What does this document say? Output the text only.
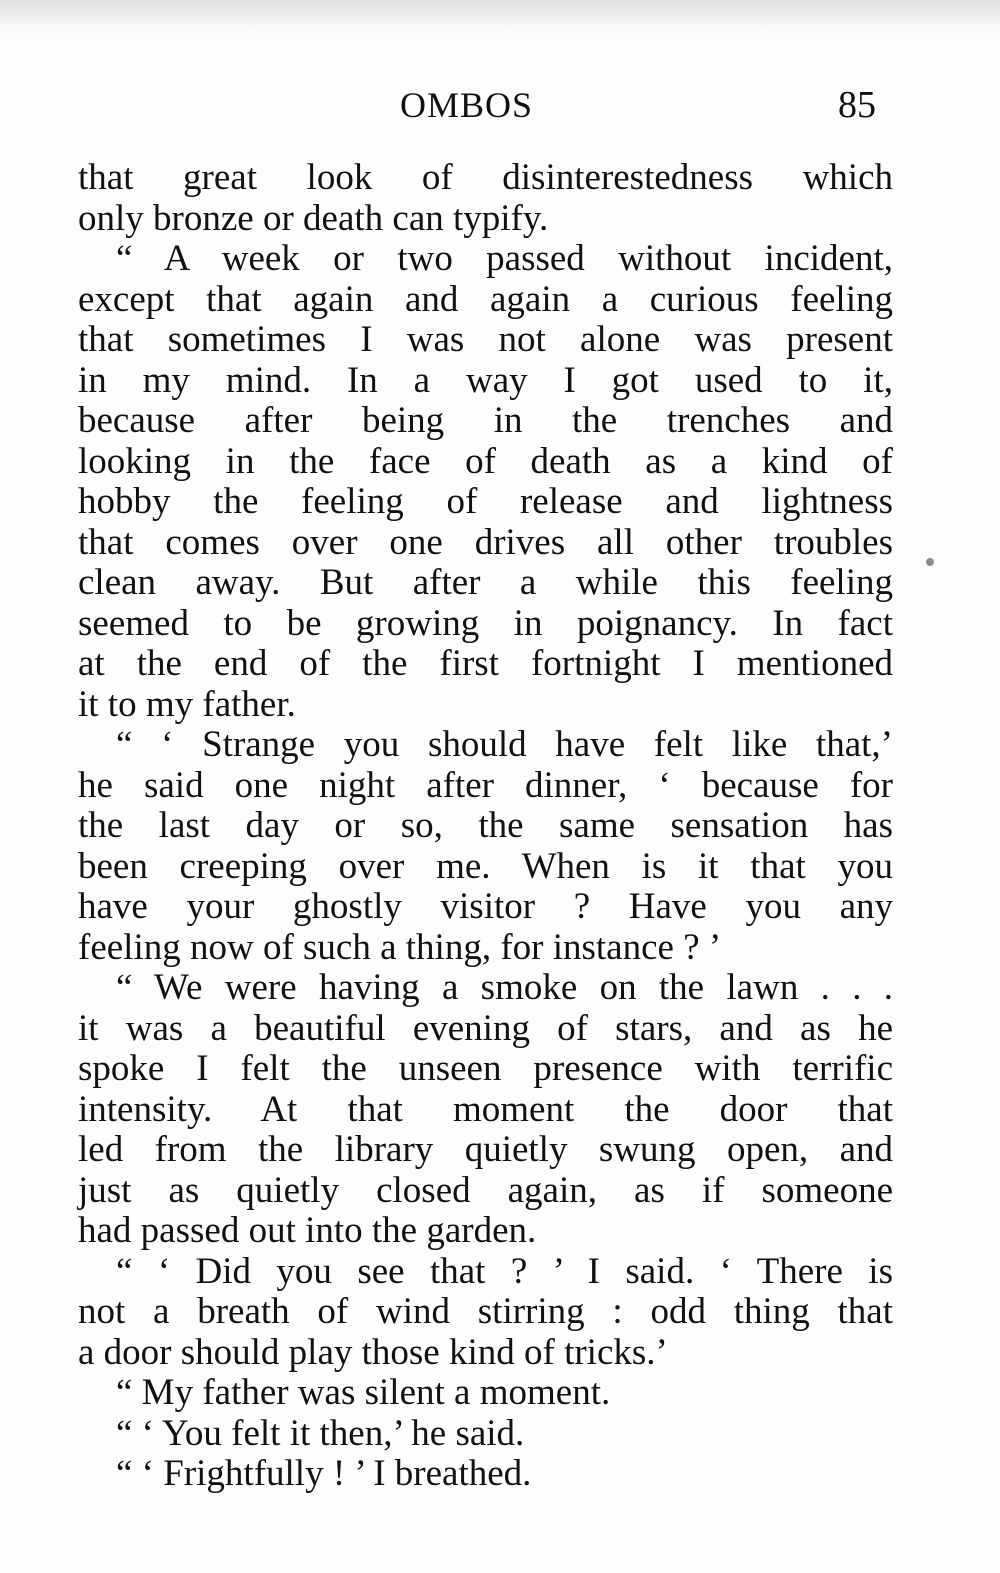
OMBOS	85
that great look of disinterestedness which
only bronze or death can typify.
“ A week or two passed without incident,
except that again and again a curious feeling
that sometimes I was not alone was present
in my mind. In a way I got used to it,
because after being in the trenches and
looking in the face of death as a kind of
hobby the feeling of release and lightness
that comes over one drives all other troubles
clean away. But after a while this feeling
seemed to be growing in poignancy. In fact
at the end of the first fortnight I mentioned
it to my father.
“ ‘ Strange you should have felt like that,’
he said one night after dinner, ‘ because for
the last day or so, the same sensation has
been creeping over me. When is it that you
have your ghostly visitor ? Have you any
feeling now of such a thing, for instance ? ’
“ We were having a smoke on the lawn . . .
it was a beautiful evening of stars, and as he
spoke I felt the unseen presence with terrific
intensity. At that moment the door that
led from the library quietly swung open, and
just as quietly closed again, as if someone
had passed out into the garden.
“ ‘ Did you see that ? ’ I said. ‘ There is
not a breath of wind stirring : odd thing that
a door should play those kind of tricks.’
“ My father was silent a moment.
“ ‘ You felt it then,’ he said.
“ ‘ Frightfully ! ’ I breathed.
